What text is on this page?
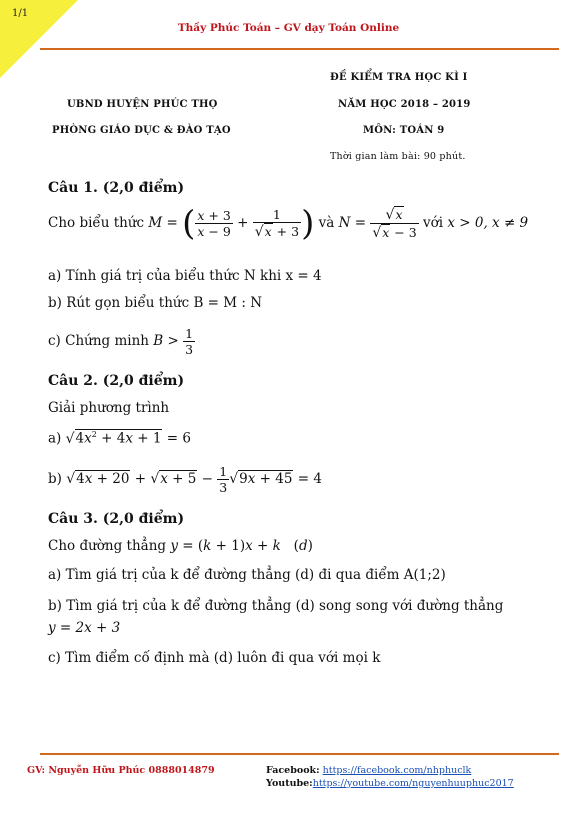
1/1
Thầy Phúc Toán – GV dạy Toán Online
ĐỀ KIỂM TRA HỌC KÌ I
UBND HUYỆN PHÚC THỌ	NĂM HỌC 2018 – 2019
PHÒNG GIÁO DỤC & ĐÀO TẠO	MÔN: TOÁN 9
Thời gian làm bài: 90 phút.
Câu 1. (2,0 điểm)
Cho biểu thức M = ( $\frac{x + 3}{x - 9} + \frac{1}{√x + 3}$ ) và $N = \frac{√x}{√x - 3}$ với x > 0, x ≠ 9
a) Tính giá trị của biểu thức N khi x = 4
b) Rút gọn biểu thức B = M : N
c) Chứng minh $B > \frac{1}{3}$
Câu 2. (2,0 điểm)
Giải phương trình
a) $√4x^2 + 4x + 1 = 6$
b) $√4x + 20 + √x + 5 - \frac{1}{3} √9x + 45 = 4$
Câu 3. (2,0 điểm)
Cho đường thẳng y = (k + 1)x + k   (d)
a) Tìm giá trị của k để đường thẳng (d) đi qua điểm A(1;2)
b) Tìm giá trị của k để đường thẳng (d) song song với đường thẳng
y = 2x + 3
c) Tìm điểm cố định mà (d) luôn đi qua với mọi k
GV: Nguyễn Hữu Phúc 0888014879	Facebook: https://facebook.com/nhphuclk
Youtube:https://youtube.com/nguyenhuuphuc2017
